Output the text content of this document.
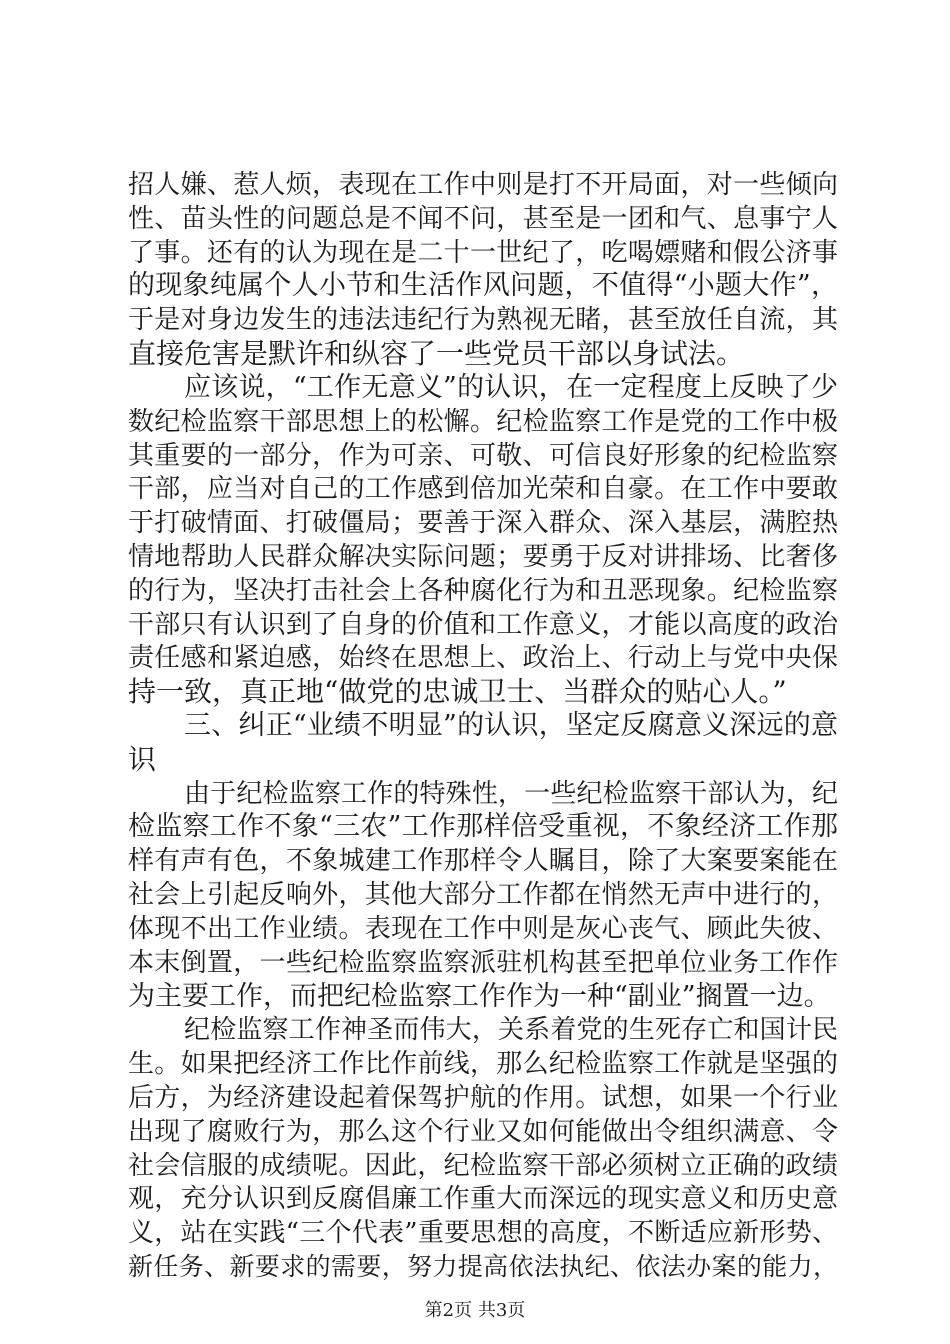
招人嫌、惹人烦，表现在工作中则是打不开局面，对一些倾向
性、苗头性的问题总是不闻不问，甚至是一团和气、息事宁人
了事。还有的认为现在是二十一世纪了，吃喝嫖赌和假公济事
的现象纯属个人小节和生活作风问题，不值得“小题大作”，
于是对身边发生的违法违纪行为熟视无睹，甚至放任自流，其
直接危害是默许和纵容了一些党员干部以身试法。
应该说，“工作无意义”的认识，在一定程度上反映了少
数纪检监察干部思想上的松懈。纪检监察工作是党的工作中极
其重要的一部分，作为可亲、可敬、可信良好形象的纪检监察
干部，应当对自己的工作感到倍加光荣和自豪。在工作中要敢
于打破情面、打破僵局；要善于深入群众、深入基层，满腔热
情地帮助人民群众解决实际问题；要勇于反对讲排场、比奢侈
的行为，坚决打击社会上各种腐化行为和丑恶现象。纪检监察
干部只有认识到了自身的价值和工作意义，才能以高度的政治
责任感和紧迫感，始终在思想上、政治上、行动上与党中央保
持一致，真正地“做党的忠诚卫士、当群众的贴心人。”
三、纠正“业绩不明显”的认识，坚定反腐意义深远的意
识
由于纪检监察工作的特殊性，一些纪检监察干部认为，纪
检监察工作不象“三农”工作那样倍受重视，不象经济工作那
样有声有色，不象城建工作那样令人瞩目，除了大案要案能在
社会上引起反响外，其他大部分工作都在悄然无声中进行的，
体现不出工作业绩。表现在工作中则是灰心丧气、顾此失彼、
本末倒置，一些纪检监察监察派驻机构甚至把单位业务工作作
为主要工作，而把纪检监察工作作为一种“副业”搁置一边。
纪检监察工作神圣而伟大，关系着党的生死存亡和国计民
生。如果把经济工作比作前线，那么纪检监察工作就是坚强的
后方，为经济建设起着保驾护航的作用。试想，如果一个行业
出现了腐败行为，那么这个行业又如何能做出令组织满意、令
社会信服的成绩呢。因此，纪检监察干部必须树立正确的政绩
观，充分认识到反腐倡廉工作重大而深远的现实意义和历史意
义，站在实践“三个代表”重要思想的高度，不断适应新形势、
新任务、新要求的需要，努力提高依法执纪、依法办案的能力，
第2页 共3页
